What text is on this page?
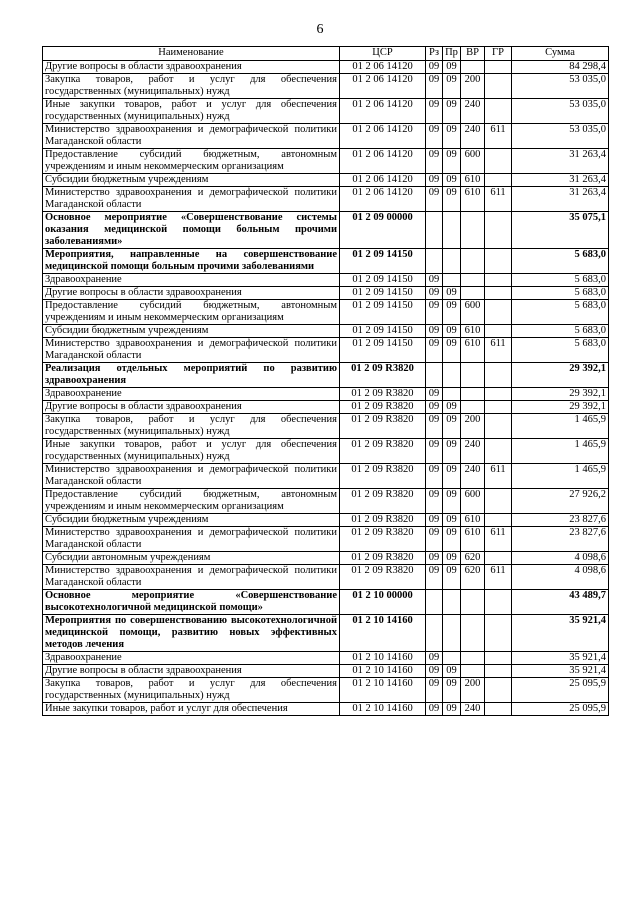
6
Наименование	ЦСР	Рз	Пр	ВР	ГР	Сумма
Другие вопросы в области здравоохранения	01 2 06 14120	09	09			84 298,4
Закупка товаров, работ и услуг для обеспечения государственных (муниципальных) нужд	01 2 06 14120	09	09	200		53 035,0
Иные закупки товаров, работ и услуг для обеспечения государственных (муниципальных) нужд	01 2 06 14120	09	09	240		53 035,0
Министерство здравоохранения и демографической политики Магаданской области	01 2 06 14120	09	09	240	611	53 035,0
Предоставление субсидий бюджетным, автономным учреждениям и иным некоммерческим организациям	01 2 06 14120	09	09	600		31 263,4
Субсидии бюджетным учреждениям	01 2 06 14120	09	09	610		31 263,4
Министерство здравоохранения и демографической политики Магаданской области	01 2 06 14120	09	09	610	611	31 263,4
Основное мероприятие «Совершенствование системы оказания медицинской помощи больным прочими заболеваниями»	01 2 09 00000					35 075,1
Мероприятия, направленные на совершенствование медицинской помощи больным прочими заболеваниями	01 2 09 14150					5 683,0
Здравоохранение	01 2 09 14150	09				5 683,0
Другие вопросы в области здравоохранения	01 2 09 14150	09	09			5 683,0
Предоставление субсидий бюджетным, автономным учреждениям и иным некоммерческим организациям	01 2 09 14150	09	09	600		5 683,0
Субсидии бюджетным учреждениям	01 2 09 14150	09	09	610		5 683,0
Министерство здравоохранения и демографической политики Магаданской области	01 2 09 14150	09	09	610	611	5 683,0
Реализация отдельных мероприятий по развитию здравоохранения	01 2 09 R3820					29 392,1
Здравоохранение	01 2 09 R3820	09				29 392,1
Другие вопросы в области здравоохранения	01 2 09 R3820	09	09			29 392,1
Закупка товаров, работ и услуг для обеспечения государственных (муниципальных) нужд	01 2 09 R3820	09	09	200		1 465,9
Иные закупки товаров, работ и услуг для обеспечения государственных (муниципальных) нужд	01 2 09 R3820	09	09	240		1 465,9
Министерство здравоохранения и демографической политики Магаданской области	01 2 09 R3820	09	09	240	611	1 465,9
Предоставление субсидий бюджетным, автономным учреждениям и иным некоммерческим организациям	01 2 09 R3820	09	09	600		27 926,2
Субсидии бюджетным учреждениям	01 2 09 R3820	09	09	610		23 827,6
Министерство здравоохранения и демографической политики Магаданской области	01 2 09 R3820	09	09	610	611	23 827,6
Субсидии автономным учреждениям	01 2 09 R3820	09	09	620		4 098,6
Министерство здравоохранения и демографической политики Магаданской области	01 2 09 R3820	09	09	620	611	4 098,6
Основное мероприятие «Совершенствование высокотехнологичной медицинской помощи»	01 2 10 00000					43 489,7
Мероприятия по совершенствованию высокотехнологичной медицинской помощи, развитию новых эффективных методов лечения	01 2 10 14160					35 921,4
Здравоохранение	01 2 10 14160	09				35 921,4
Другие вопросы в области здравоохранения	01 2 10 14160	09	09			35 921,4
Закупка товаров, работ и услуг для обеспечения государственных (муниципальных) нужд	01 2 10 14160	09	09	200		25 095,9
Иные закупки товаров, работ и услуг для обеспечения	01 2 10 14160	09	09	240		25 095,9
